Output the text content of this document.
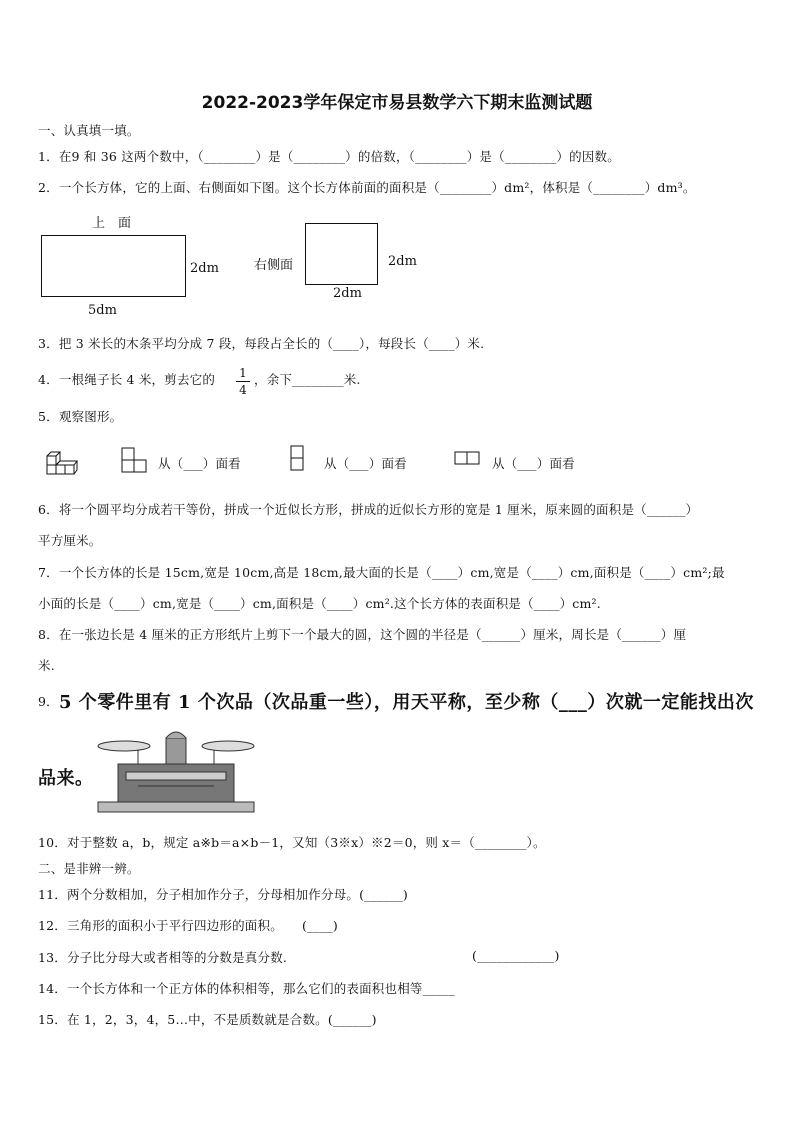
2022-2023学年保定市易县数学六下期末监测试题
一、认真填一填。
1．在9 和 36 这两个数中，（________）是（________）的倍数，（________）是（________）的因数。
2．一个长方体，它的上面、右侧面如下图。这个长方体前面的面积是（________）dm²，体积是（________）dm³。
上　面
2dm
5dm
右侧面	2dm
2dm
3．把 3 米长的木条平均分成 7 段，每段占全长的（____），每段长（____）米.
4．一根绳子长 4 米，剪去它的 1
4
，余下________米.
5．观察图形。
从（___）面看	从（___）面看	从（___）面看
6．将一个圆平均分成若干等份，拼成一个近似长方形，拼成的近似长方形的宽是 1 厘米，原来圆的面积是（______）
平方厘米。
7．一个长方体的长是 15cm,宽是 10cm,高是 18cm,最大面的长是（____）cm,宽是（____）cm,面积是（____）cm²;最
小面的长是（____）cm,宽是（____）cm,面积是（____）cm².这个长方体的表面积是（____）cm².
8．在一张边长是 4 厘米的正方形纸片上剪下一个最大的圆，这个圆的半径是（______）厘米，周长是（______）厘
米.
9． 5 个零件里有 1 个次品（次品重一些），用天平称，至少称（___）次就一定能找出次
品来。
10．对于整数 a，b，规定 a※b＝a×b－1，又知（3※x）※2＝0，则 x＝（________）。
二、是非辨一辨。
11．两个分数相加，分子相加作分子，分母相加作分母。(______)
12．三角形的面积小于平行四边形的面积。　　(____)
13．分子比分母大或者相等的分数是真分数.	(____________)
14．一个长方体和一个正方体的体积相等，那么它们的表面积也相等_____
15．在 1，2，3，4，5…中，不是质数就是合数。(______)
